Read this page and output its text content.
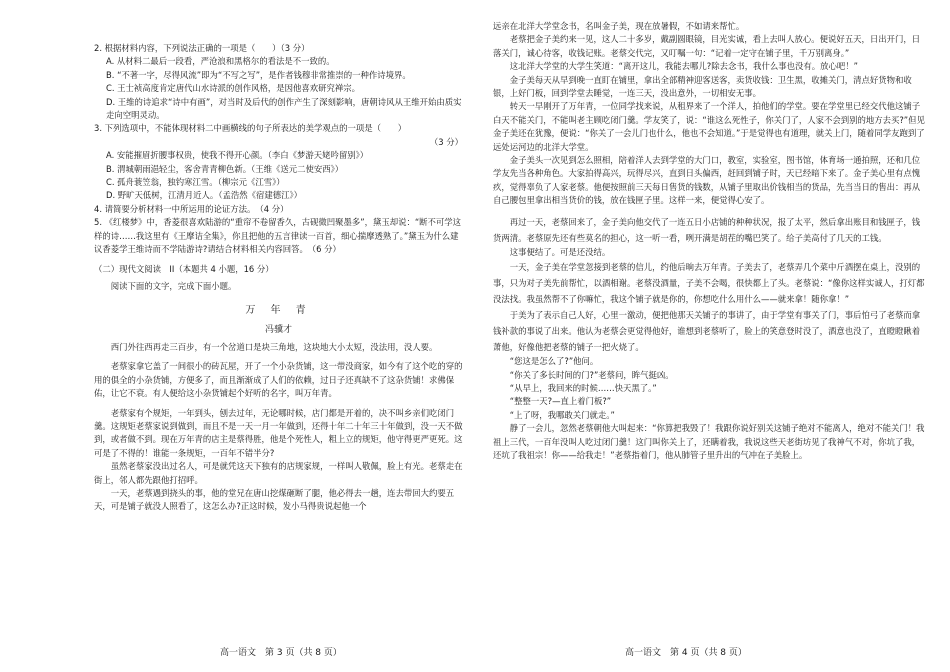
2. 根据材料内容，下列说法正确的一项是（　　）（3 分）

A. 从材料二最后一段看，严沧浪和黑格尔的看法是不一致的。

B. “不著一字，尽得风流”即为“不写之写”，是作者钱穆非常推崇的一种作诗境界。

C. 王士祯高度肯定唐代山水诗派的创作风格，是因他喜欢研究禅宗。

D. 王维的诗追求“诗中有画”，对当时及后代的创作产生了深刻影响，唐朝诗风从王维开始由质实走向空明灵动。

3. 下列选项中，不能体现材料二中画横线的句子所表达的美学观点的一项是（　　）

（3 分）

A. 安能摧眉折腰事权贵，使我不得开心颜。（李白《梦游天姥吟留别》）

B. 渭城朝雨浥轻尘，客舍青青柳色新。（王维《送元二使安西》）

C. 孤舟蓑笠翁，独钓寒江雪。（柳宗元《江雪》）

D. 野旷天低树，江清月近人。（孟浩然《宿建德江》）

4. 请简要分析材料一中所运用的论证方法。　（4 分）

5. 《红楼梦》中，香菱很喜欢陆游的“重帘不卷留香久，古砚微凹聚墨多”，黛玉却说：“断不可学这样的诗……我这里有《王摩诘全集》，你且把他的五言律读一百首，细心揣摩透熟了。”黛玉为什么建议香菱学王维诗而不学陆游诗?请结合材料相关内容回答。　（6 分）

（二）现代文阅读　II（本题共 4 小题，16 分）

阅读下面的文字，完成下面小题。

万 年 青

冯骥才

西门外往西再走三百步，有一个岔道口是块三角地，这块地大小太短，没法用，没人要。

老蔡家拿它盖了一间很小的砖瓦屋，开了一个小杂货铺，这一带没商家，如今有了这个吃的穿的用的俱全的小杂货铺，方便多了，而且渐渐成了人们的依赖，过日子还真缺不了这杂货铺！求佛保佑，让它不衰。有人便给这小杂货铺起个好听的名字，叫万年青。

老蔡家有个规矩，一年到头，刨去过年，无论哪时候，店门都是开着的，决不叫乡亲们吃闭门羹。这规矩老蔡家说到做到，而且不是一天一月一年做到，还得十年二十年三十年做到，没一天不做到，或者做不到。现在万年青的店主是蔡得胜，他是个死性人，粗上立的规矩，他守得更严更死。这可是了不得的！谁能一条规矩，一百年不错半分?

虽然老蔡家没出过名人，可是就凭这天下独有的店规家规，一样叫人敬佩，脸上有光。老蔡走在街上，邻人都先跟他打招呼。

一天，老蔡遇到挠头的事，他的堂兄在唐山挖煤砸断了腿，他必得去一趟，连去带回大约要五天，可是铺子就没人照看了，这怎么办?正这时候，发小马得贵说起他一个

高一语文　第 3 页（共 8 页）

远亲在北洋大学堂念书，名叫金子美，现在放暑假，不如请来帮忙。

老蔡把金子美约来一见，这人二十多岁，戴副圆眼镜，目光实诚，看上去叫人放心。便说好五天，日出开门，日落关门，诚心待客，收钱记账。老蔡交代完，又叮嘱一句：“记着一定守在铺子里，千万别离身。”

这北洋大学堂的大学生笑道：“离开这儿，我能去哪儿?除去念书，我什么事也没有。放心吧！”

金子美每天从早到晚一直盯在铺里，拿出全部精神迎客送客，卖货收钱：卫生黑，收摊关门，清点好货物和收银，上好门板，回到学堂去睡觉，一连三天，没出意外，一切相安无事。

转天一早刚开了万年青，一位同学找来说，从租界来了一个洋人，拍他们的学堂。要在学堂里已经交代他这铺子白天不能关门，不能叫老主顾吃闭门羹。学友笑了，说：“谁这么死性子，你关门了，人家不会到别的地方去买?”但见金子美还在犹豫，便说：“你关了一会儿门也什么，他也不会知道。”于是觉得也有道理，就关上门，随着同学友跑到了远处运河边的北洋大学堂。

金子美头一次见到怎么照相，陪着洋人去到学堂的大门口，教室，实验室，图书馆，体育场一通拍照，还和几位学友先当各种角色。大家拍得高兴，玩得尽兴，直到日头偏西，赶回到铺子时，天已经暗下来了。金子美心里有点愧疚，觉得辜负了人家老蔡。他便按照前三天每日售货的钱数，从铺子里取出价钱相当的货品，先当当日的售出：再从自己腰包里拿出相当货价的钱，放在钱匣子里。这样一来，便觉得心安了。

再过一天，老蔡回来了，金子美向他交代了一连五日小店铺的种种状况，报了太平，然后拿出账目和钱匣子，钱货两清。老蔡原先还有些莫名的担心，这一听一看，咧开满是胡茬的嘴巴笑了。给子美高付了几天的工钱。

这事便结了。可是还没结。

一天，金子美在学堂忽接到老蔡的信儿，约他后晌去万年青。子美去了，老蔡弄几个菜中斤酒摆在桌上，没别的事，只为对子美先前帮忙，以酒相谢。老蔡没酒量，子美不会喝，很快都上了头。老蔡说：“像你这样实诚人，打灯都没法找。我虽然帮不了你嘛忙，我这个铺子就是你的，你想吃什么用什么——就来拿！随你拿！”

于美为了表示自己人好，心里一激动，便把他那天关铺子的事讲了，由于学堂有事关了门，事后怕弓了老蔡而拿钱补款的事说了出来。他认为老蔡会更觉得他好，谁想到老蔡听了，脸上的笑意登时没了，酒意也没了，直瞪瞪瞅着萧他，好像他把老蔡的铺子一把火烧了。

“您这是怎么了?”他问。

“你关了多长时间的门?”老蔡问，眸气挺凶。

“从早上，我回来的时候……快天黑了。”

“整整一天?—直上着门板?”

“上了呀，我哪敢关门就走。”

静了一会儿，忽然老蔡朝他大叫起来：“你算把我毁了！我跟你说好别关这铺子绝对不能离人，绝对不能关门！我祖上三代，一百年没叫人吃过闭门羹！这门叫你关上了，还瞒着我，我说这些天老街坊见了我神气不对，你坑了我，还坑了我祖宗！你——给我走！”老蔡指着门，他从肺管子里升出的气冲在子美脸上。

高一语文　第 4 页（共 8 页）
